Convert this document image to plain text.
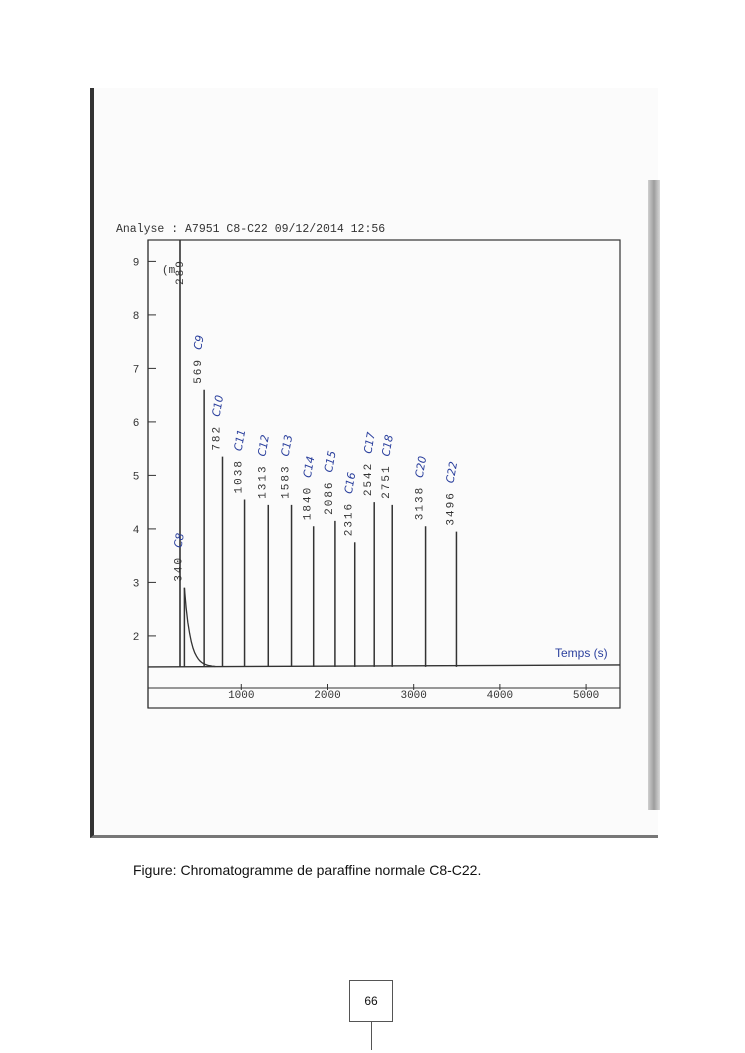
Analyse : A7951 C8-C22 09/12/2014 12:56
(m
Temps (s)
2
3
4
5
6
7
8
9
1000	2000	3000	4000	5000
289
340
569
782
1038 1313 1583
1840 2086
2316
2542 2751
3138 3496
C8
C9
C10
C11 C12 C13
C14 C15
C16
C17 C18
C20 C22
Figure: Chromatogramme de paraffine normale C8-C22.
66
